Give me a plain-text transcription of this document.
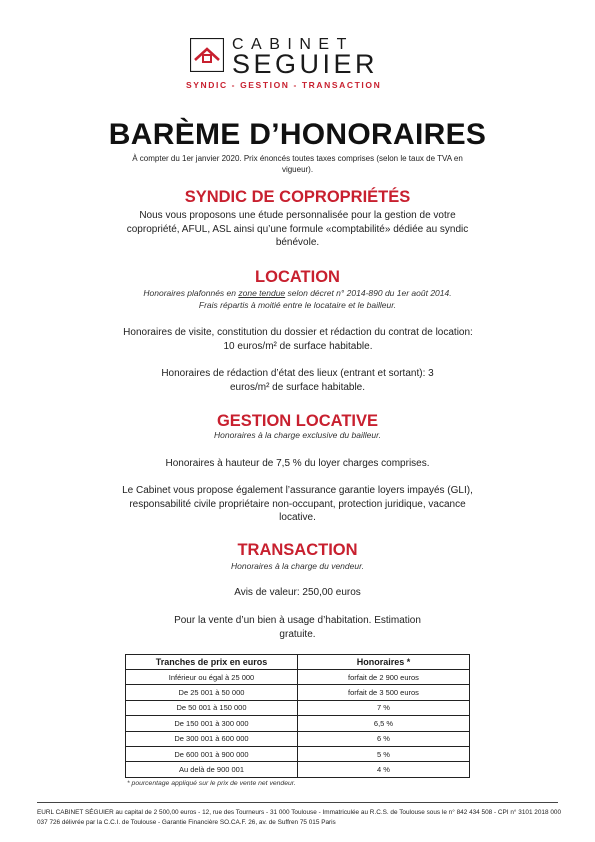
CABINET
SEGUIER
SYNDIC - GESTION - TRANSACTION
BARÈME D’HONORAIRES
À compter du 1er janvier 2020. Prix énoncés toutes taxes comprises (selon le taux de TVA en vigueur).
SYNDIC DE COPROPRIÉTÉS

Nous vous proposons une étude personnalisée pour la gestion de votre copropriété, AFUL, ASL ainsi qu’une formule «comptabilité» dédiée au syndic bénévole.

LOCATION

Honoraires plafonnés en zone tendue selon décret n° 2014-890 du 1er août 2014.

Frais répartis à moitié entre le locataire et le bailleur.

Honoraires de visite, constitution du dossier et rédaction du contrat de location: 10 euros/m² de surface habitable.

Honoraires de rédaction d’état des lieux (entrant et sortant): 3 euros/m² de surface habitable.

GESTION LOCATIVE

Honoraires à la charge exclusive du bailleur.

Honoraires à hauteur de 7,5 % du loyer charges comprises.

Le Cabinet vous propose également l’assurance garantie loyers impayés (GLI), responsabilité civile propriétaire non-occupant, protection juridique, vacance locative.

TRANSACTION

Honoraires à la charge du vendeur.

Avis de valeur: 250,00 euros

Pour la vente d’un bien à usage d’habitation. Estimation gratuite.

Tranches de prix en euros	Honoraires *
Inférieur ou égal à 25 000	forfait de 2 900 euros
De 25 001 à 50 000	forfait de 3 500 euros
De 50 001 à 150 000	7 %
De 150 001 à 300 000	6,5 %
De 300 001 à 600 000	6 %
De 600 001 à 900 000	5 %
Au delà de 900 001	4 %
* pourcentage appliqué sur le prix de vente net vendeur.
EURL CABINET SÉGUIER au capital de 2 500,00 euros - 12, rue des Tourneurs - 31 000 Toulouse - Immatriculée au R.C.S. de Toulouse sous le n° 842 434 508 - CPI n° 3101 2018 000 037 726 délivrée par la C.C.I. de Toulouse - Garantie Financière SO.CA.F. 26, av. de Suffren 75 015 Paris
